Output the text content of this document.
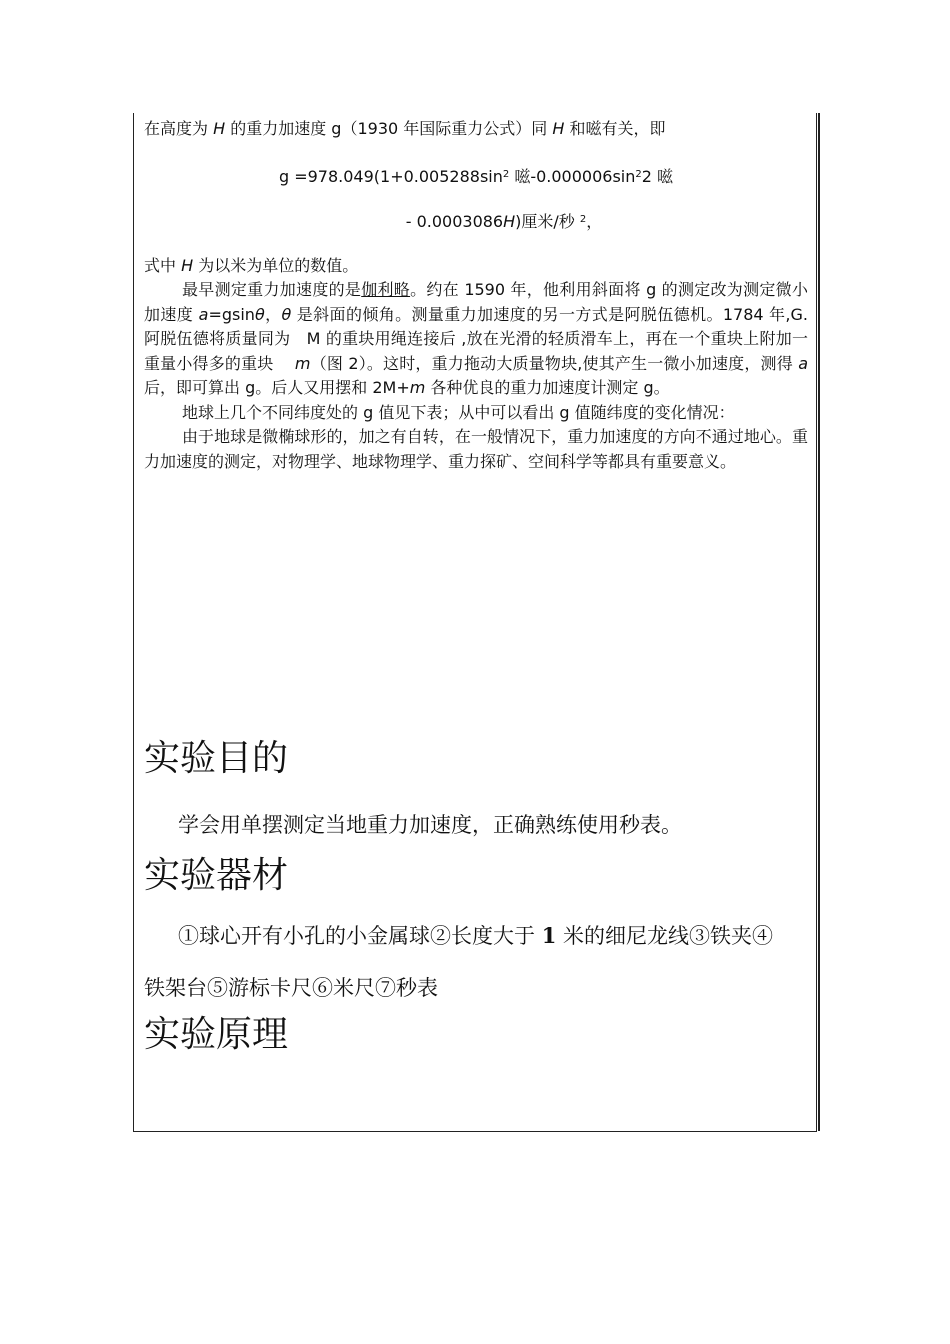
在高度为 H 的重力加速度 g（1930 年国际重力公式）同 H 和嗞有关，即

$g =978.049(1+0.005288\sin^2$ 嗞$-0.000006\sin^22$ 嗞

- 0.0003086H)厘米/秒 $^2$，

式中 H 为以米为单位的数值。

最早测定重力加速度的是伽利略。约在 1590 年，他利用斜面将 g 的测定改为测定微小加速度 a=gsinθ，θ 是斜面的倾角。测量重力加速度的另一方式是阿脱伍德机。1784 年,G.阿脱伍德将质量同为　M 的重块用绳连接后 ,放在光滑的轻质滑车上，再在一个重块上附加一重量小得多的重块　 m（图 2）。这时，重力拖动大质量物块,使其产生一微小加速度，测得 a 后，即可算出 g。后人又用摆和 2M+m 各种优良的重力加速度计测定 g。

地球上几个不同纬度处的 g 值见下表；从中可以看出 g 值随纬度的变化情况：

由于地球是微椭球形的，加之有自转，在一般情况下，重力加速度的方向不通过地心。重力加速度的测定，对物理学、地球物理学、重力探矿、空间科学等都具有重要意义。

实验目的

学会用单摆测定当地重力加速度，正确熟练使用秒表。

实验器材

①球心开有小孔的小金属球②长度大于 1 米的细尼龙线③铁夹④

铁架台⑤游标卡尺⑥米尺⑦秒表

实验原理
